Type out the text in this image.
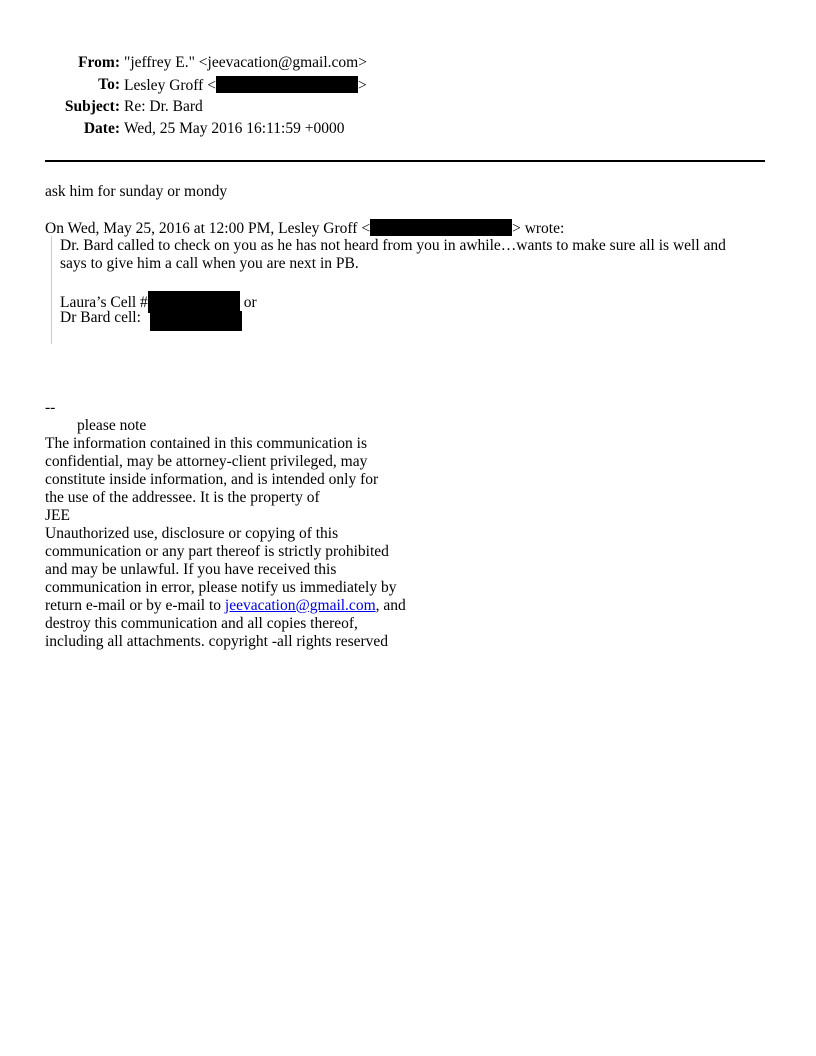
From: "jeffrey E." <jeevacation@gmail.com>
To: Lesley Groff <	>
Subject: Re: Dr. Bard
Date: Wed, 25 May 2016 16:11:59 +0000
ask him for sunday or mondy
On Wed, May 25, 2016 at 12:00 PM, Lesley Groff <	> wrote:
Dr. Bard called to check on you as he has not heard from you in awhile…wants to make sure all is well and
says to give him a call when you are next in PB.
Laura’s Cell #	or
Dr Bard cell:
--
please note
The information contained in this communication is
confidential, may be attorney-client privileged, may
constitute inside information, and is intended only for
the use of the addressee. It is the property of
JEE
Unauthorized use, disclosure or copying of this
communication or any part thereof is strictly prohibited
and may be unlawful. If you have received this
communication in error, please notify us immediately by
return e-mail or by e-mail to jeevacation@gmail.com, and
destroy this communication and all copies thereof,
including all attachments. copyright -all rights reserved
